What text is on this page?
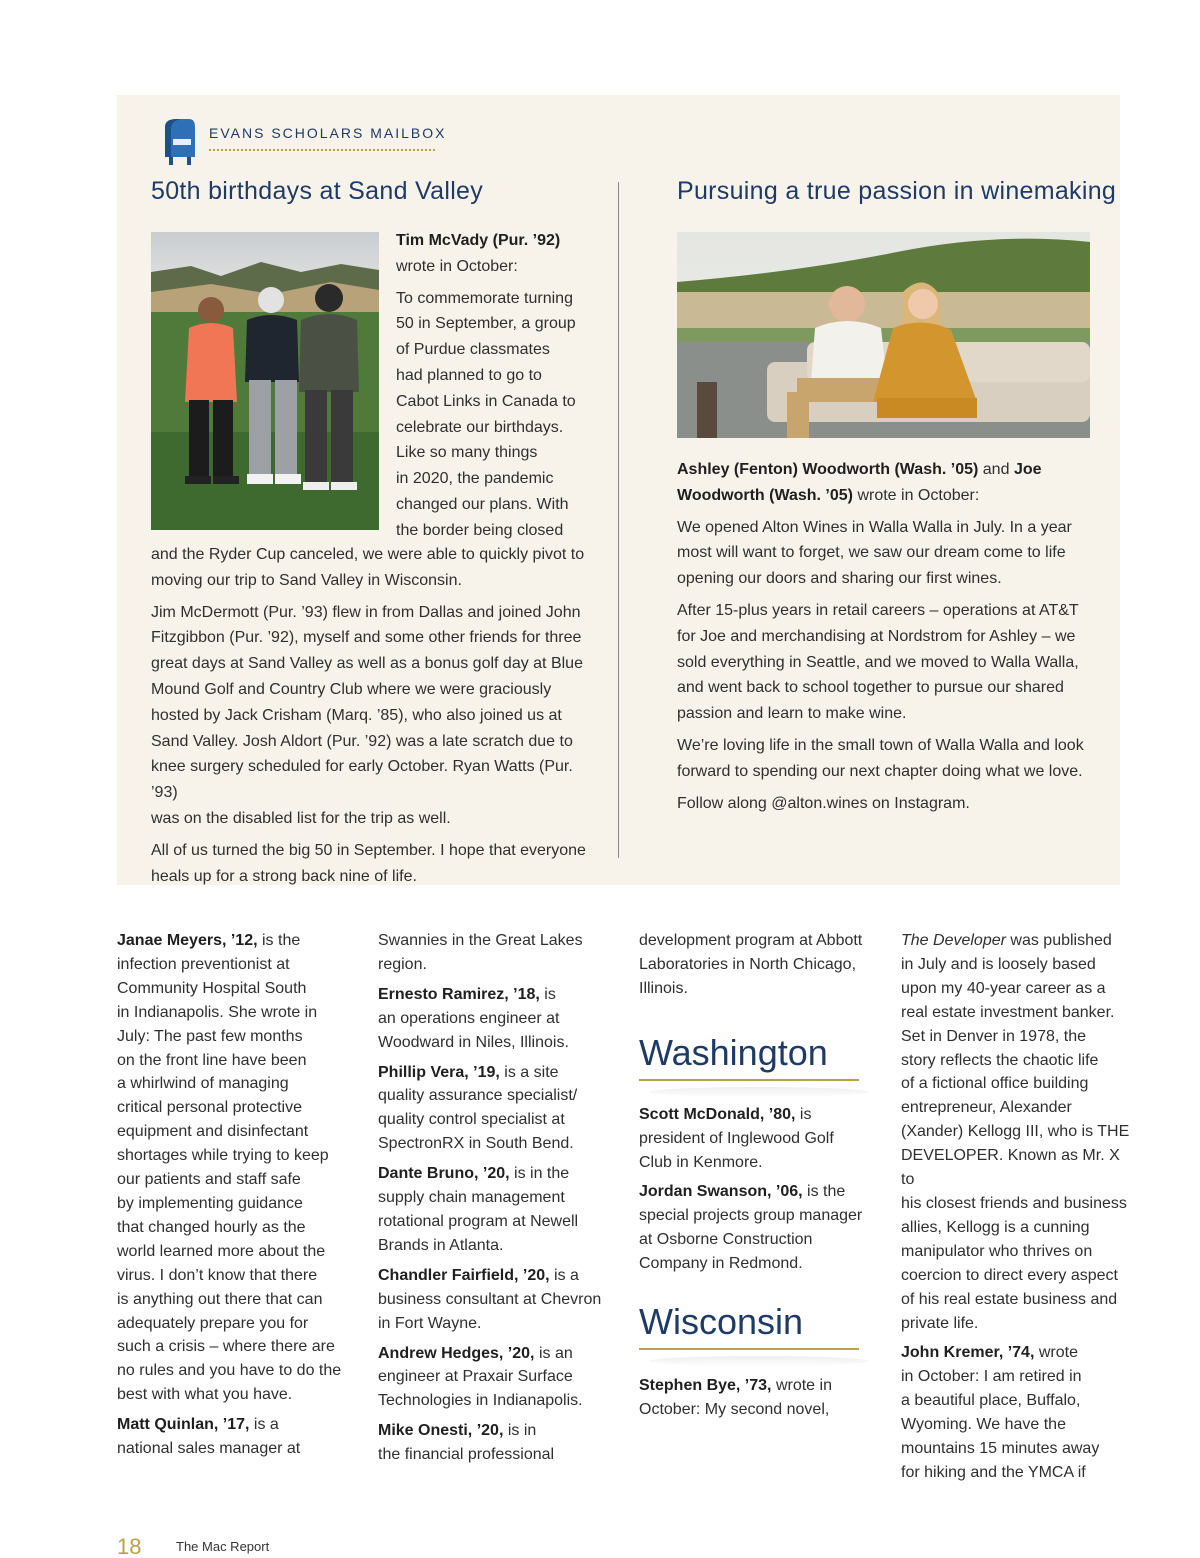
EVANS SCHOLARS MAILBOX
50th birthdays at Sand Valley

Tim McVady (Pur. ’92)
wrote in October:

To commemorate turning
50 in September, a group
of Purdue classmates
had planned to go to
Cabot Links in Canada to
celebrate our birthdays.
Like so many things
in 2020, the pandemic
changed our plans. With
the border being closed

and the Ryder Cup canceled, we were able to quickly pivot to
moving our trip to Sand Valley in Wisconsin.

Jim McDermott (Pur. ’93) flew in from Dallas and joined John
Fitzgibbon (Pur. ’92), myself and some other friends for three
great days at Sand Valley as well as a bonus golf day at Blue
Mound Golf and Country Club where we were graciously
hosted by Jack Crisham (Marq. ’85), who also joined us at
Sand Valley. Josh Aldort (Pur. ’92) was a late scratch due to
knee surgery scheduled for early October. Ryan Watts (Pur. ’93)
was on the disabled list for the trip as well.

All of us turned the big 50 in September. I hope that everyone
heals up for a strong back nine of life.

Pursuing a true passion in winemaking

Ashley (Fenton) Woodworth (Wash. ’05) and Joe
Woodworth (Wash. ’05) wrote in October:

We opened Alton Wines in Walla Walla in July. In a year
most will want to forget, we saw our dream come to life
opening our doors and sharing our first wines.

After 15-plus years in retail careers – operations at AT&T
for Joe and merchandising at Nordstrom for Ashley – we
sold everything in Seattle, and we moved to Walla Walla,
and went back to school together to pursue our shared
passion and learn to make wine.

We’re loving life in the small town of Walla Walla and look
forward to spending our next chapter doing what we love.

Follow along @alton.wines on Instagram.

Janae Meyers, ’12, is the
infection preventionist at
Community Hospital South
in Indianapolis. She wrote in
July: The past few months
on the front line have been
a whirlwind of managing
critical personal protective
equipment and disinfectant
shortages while trying to keep
our patients and staff safe
by implementing guidance
that changed hourly as the
world learned more about the
virus. I don’t know that there
is anything out there that can
adequately prepare you for
such a crisis – where there are
no rules and you have to do the
best with what you have.

Matt Quinlan, ’17, is a
national sales manager at

Swannies in the Great Lakes
region.

Ernesto Ramirez, ’18, is
an operations engineer at
Woodward in Niles, Illinois.

Phillip Vera, ’19, is a site
quality assurance specialist/
quality control specialist at
SpectronRX in South Bend.

Dante Bruno, ’20, is in the
supply chain management
rotational program at Newell
Brands in Atlanta.

Chandler Fairfield, ’20, is a
business consultant at Chevron
in Fort Wayne.

Andrew Hedges, ’20, is an
engineer at Praxair Surface
Technologies in Indianapolis.

Mike Onesti, ’20, is in
the financial professional

development program at Abbott
Laboratories in North Chicago,
Illinois.

Washington

Scott McDonald, ’80, is
president of Inglewood Golf
Club in Kenmore.

Jordan Swanson, ’06, is the
special projects group manager
at Osborne Construction
Company in Redmond.

Wisconsin

Stephen Bye, ’73, wrote in
October: My second novel,

The Developer was published
in July and is loosely based
upon my 40-year career as a
real estate investment banker.
Set in Denver in 1978, the
story reflects the chaotic life
of a fictional office building
entrepreneur, Alexander
(Xander) Kellogg III, who is THE
DEVELOPER. Known as Mr. X to
his closest friends and business
allies, Kellogg is a cunning
manipulator who thrives on
coercion to direct every aspect
of his real estate business and
private life.

John Kremer, ’74, wrote
in October: I am retired in
a beautiful place, Buffalo,
Wyoming. We have the
mountains 15 minutes away
for hiking and the YMCA if

18	The Mac Report
